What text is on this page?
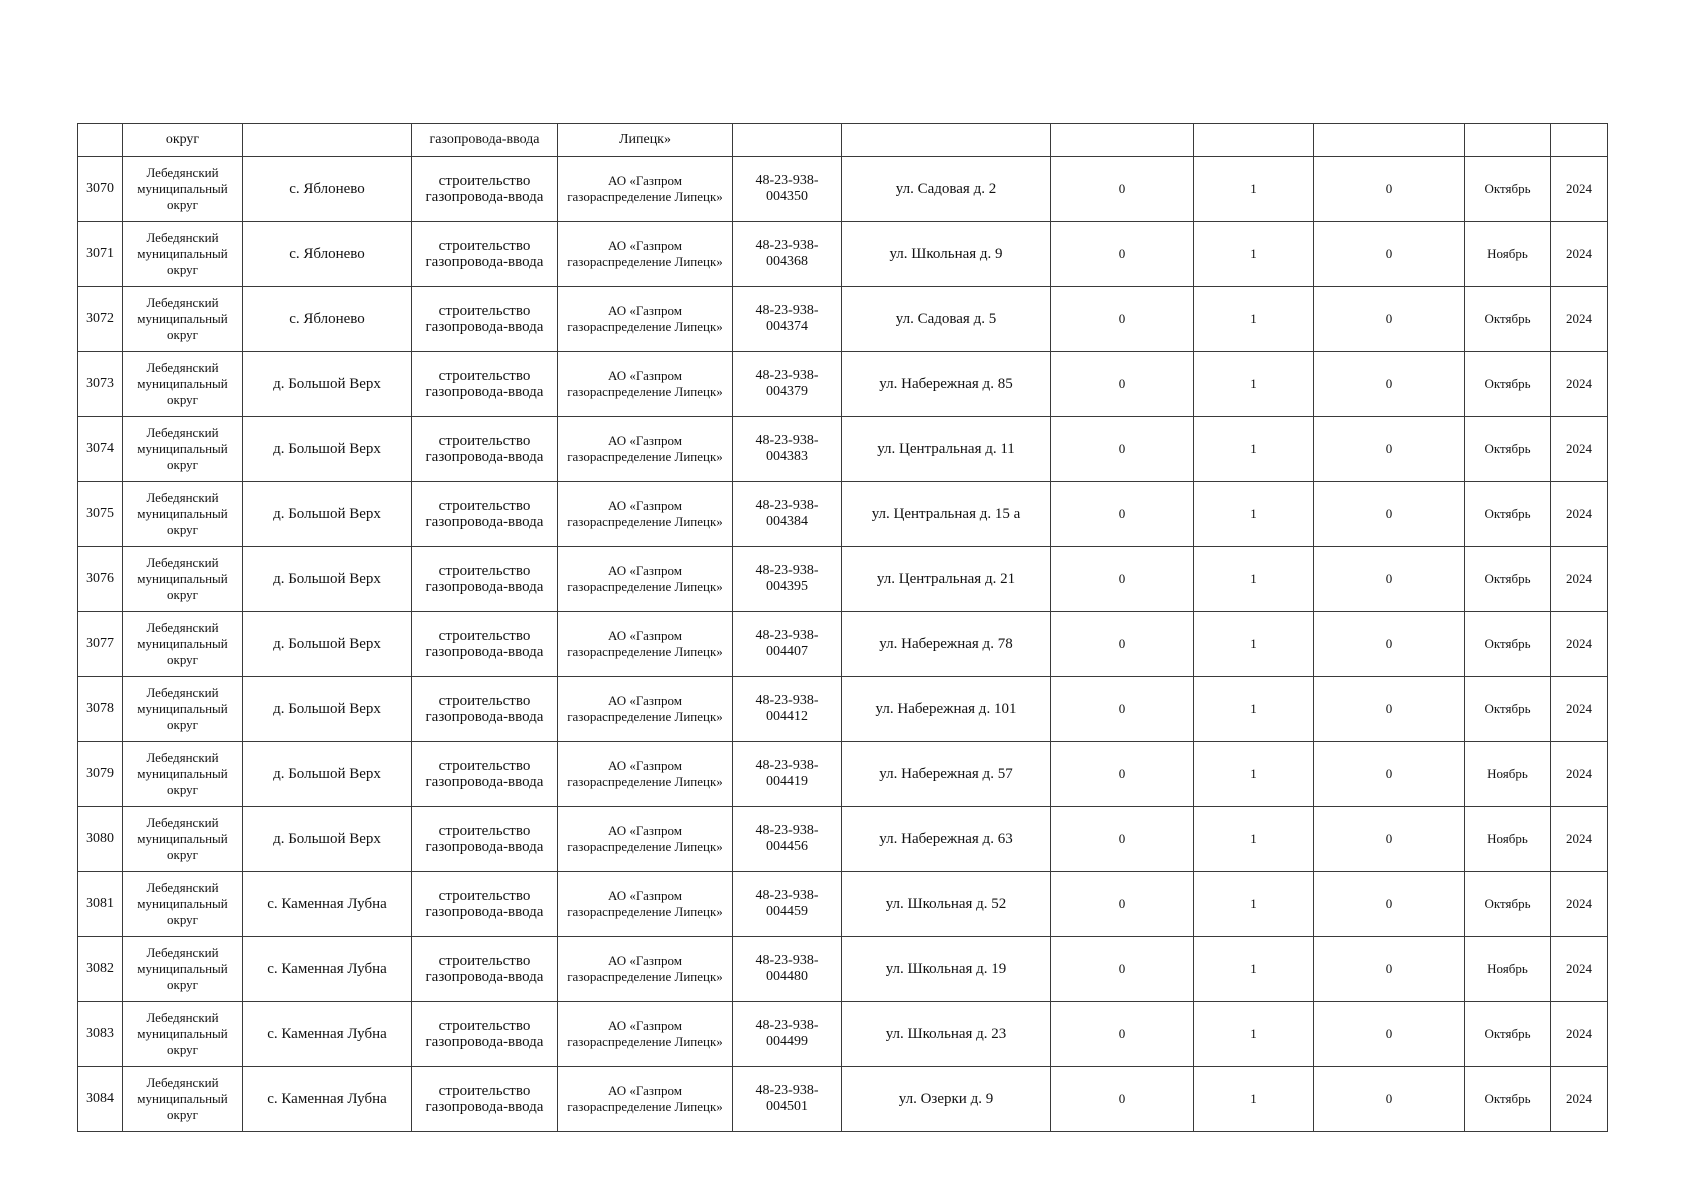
	округ		газопровода-ввода	Липецк»							
3070	Лебедянский муниципальный округ	с. Яблонево	строительство газопровода-ввода	АО «Газпром газораспределение Липецк»	48-23-938-004350	ул. Садовая д. 2	0	1	0	Октябрь	2024
3071	Лебедянский муниципальный округ	с. Яблонево	строительство газопровода-ввода	АО «Газпром газораспределение Липецк»	48-23-938-004368	ул. Школьная д. 9	0	1	0	Ноябрь	2024
3072	Лебедянский муниципальный округ	с. Яблонево	строительство газопровода-ввода	АО «Газпром газораспределение Липецк»	48-23-938-004374	ул. Садовая д. 5	0	1	0	Октябрь	2024
3073	Лебедянский муниципальный округ	д. Большой Верх	строительство газопровода-ввода	АО «Газпром газораспределение Липецк»	48-23-938-004379	ул. Набережная д. 85	0	1	0	Октябрь	2024
3074	Лебедянский муниципальный округ	д. Большой Верх	строительство газопровода-ввода	АО «Газпром газораспределение Липецк»	48-23-938-004383	ул. Центральная д. 11	0	1	0	Октябрь	2024
3075	Лебедянский муниципальный округ	д. Большой Верх	строительство газопровода-ввода	АО «Газпром газораспределение Липецк»	48-23-938-004384	ул. Центральная д. 15 а	0	1	0	Октябрь	2024
3076	Лебедянский муниципальный округ	д. Большой Верх	строительство газопровода-ввода	АО «Газпром газораспределение Липецк»	48-23-938-004395	ул. Центральная д. 21	0	1	0	Октябрь	2024
3077	Лебедянский муниципальный округ	д. Большой Верх	строительство газопровода-ввода	АО «Газпром газораспределение Липецк»	48-23-938-004407	ул. Набережная д. 78	0	1	0	Октябрь	2024
3078	Лебедянский муниципальный округ	д. Большой Верх	строительство газопровода-ввода	АО «Газпром газораспределение Липецк»	48-23-938-004412	ул. Набережная д. 101	0	1	0	Октябрь	2024
3079	Лебедянский муниципальный округ	д. Большой Верх	строительство газопровода-ввода	АО «Газпром газораспределение Липецк»	48-23-938-004419	ул. Набережная д. 57	0	1	0	Ноябрь	2024
3080	Лебедянский муниципальный округ	д. Большой Верх	строительство газопровода-ввода	АО «Газпром газораспределение Липецк»	48-23-938-004456	ул. Набережная д. 63	0	1	0	Ноябрь	2024
3081	Лебедянский муниципальный округ	с. Каменная Лубна	строительство газопровода-ввода	АО «Газпром газораспределение Липецк»	48-23-938-004459	ул. Школьная д. 52	0	1	0	Октябрь	2024
3082	Лебедянский муниципальный округ	с. Каменная Лубна	строительство газопровода-ввода	АО «Газпром газораспределение Липецк»	48-23-938-004480	ул. Школьная д. 19	0	1	0	Ноябрь	2024
3083	Лебедянский муниципальный округ	с. Каменная Лубна	строительство газопровода-ввода	АО «Газпром газораспределение Липецк»	48-23-938-004499	ул. Школьная д. 23	0	1	0	Октябрь	2024
3084	Лебедянский муниципальный округ	с. Каменная Лубна	строительство газопровода-ввода	АО «Газпром газораспределение Липецк»	48-23-938-004501	ул. Озерки д. 9	0	1	0	Октябрь	2024
